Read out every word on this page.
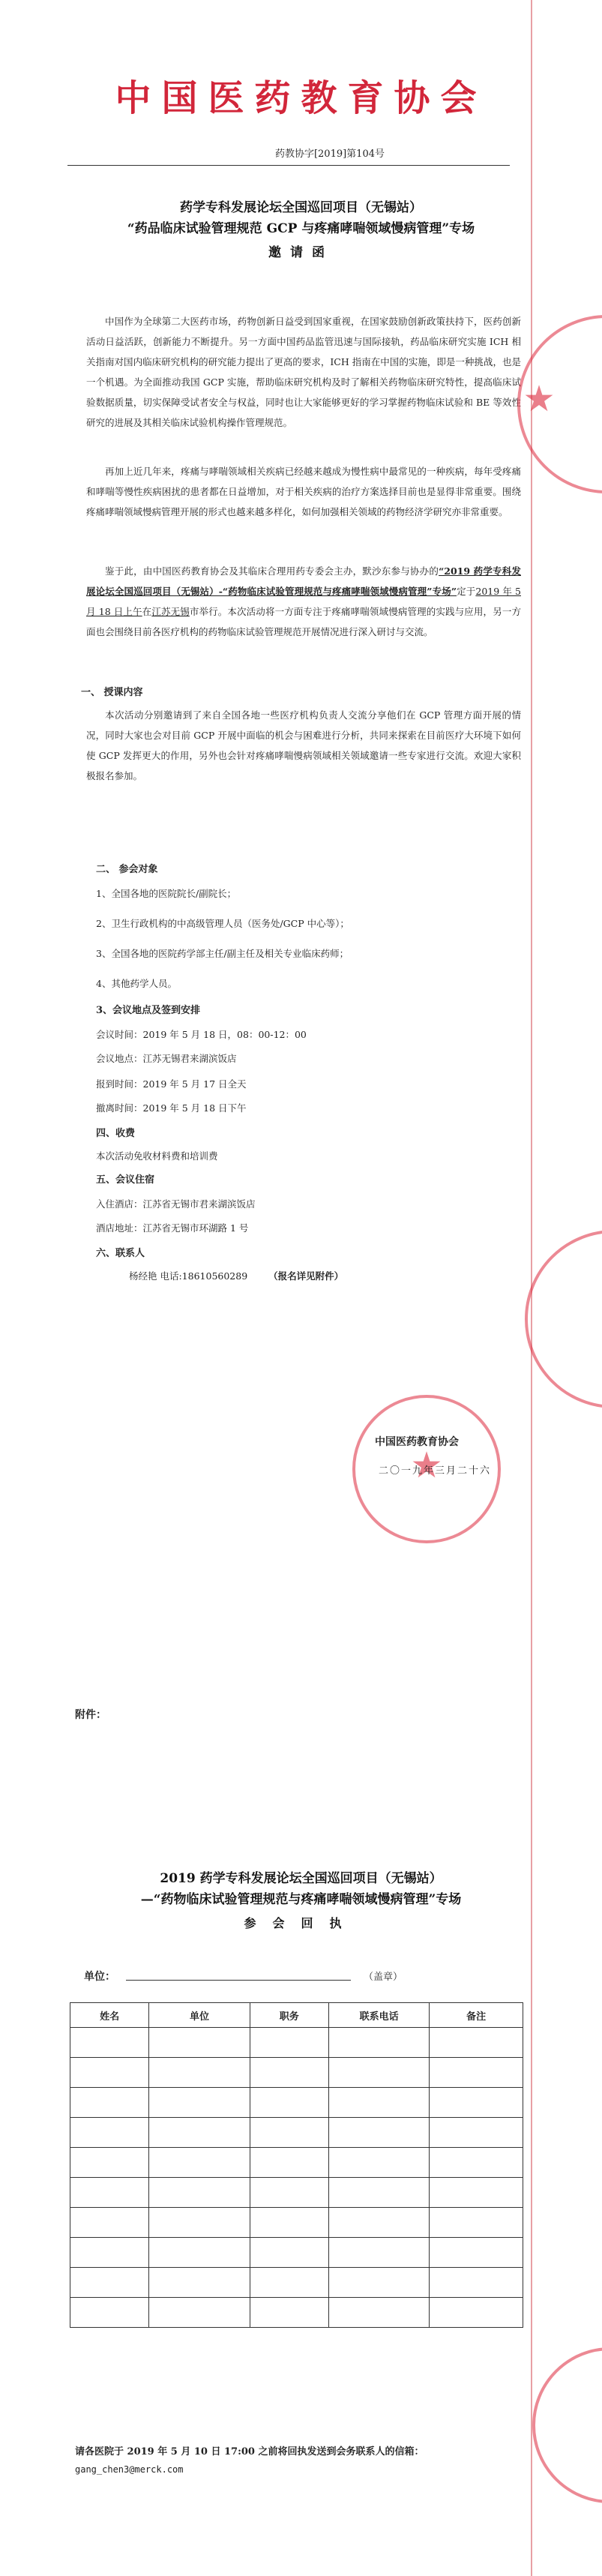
中国医药教育协会
药教协字[2019]第104号
药学专科发展论坛全国巡回项目（无锡站）
“药品临床试验管理规范 GCP 与疼痛哮喘领域慢病管理”专场
邀请函
中国作为全球第二大医药市场，药物创新日益受到国家重视，在国家鼓励创新政策扶持下，医药创新活动日益活跃，创新能力不断提升。另一方面中国药品监管迅速与国际接轨，药品临床研究实施 ICH 相关指南对国内临床研究机构的研究能力提出了更高的要求，ICH 指南在中国的实施，即是一种挑战，也是一个机遇。为全面推动我国 GCP 实施，帮助临床研究机构及时了解相关药物临床研究特性，提高临床试验数据质量，切实保障受试者安全与权益，同时也让大家能够更好的学习掌握药物临床试验和 BE 等效性研究的进展及其相关临床试验机构操作管理规范。
再加上近几年来，疼痛与哮喘领域相关疾病已经越来越成为慢性病中最常见的一种疾病，每年受疼痛和哮喘等慢性疾病困扰的患者都在日益增加，对于相关疾病的治疗方案选择目前也是显得非常重要。围绕疼痛哮喘领域慢病管理开展的形式也越来越多样化，如何加强相关领域的药物经济学研究亦非常重要。
鉴于此，由中国医药教育协会及其临床合理用药专委会主办，默沙东参与协办的“2019 药学专科发展论坛全国巡回项目（无锡站）-“药物临床试验管理规范与疼痛哮喘领域慢病管理”专场”定于2019 年 5 月 18 日上午在江苏无锡市举行。本次活动将一方面专注于疼痛哮喘领域慢病管理的实践与应用，另一方面也会围绕目前各医疗机构的药物临床试验管理规范开展情况进行深入研讨与交流。
一、 授课内容
本次活动分别邀请到了来自全国各地一些医疗机构负责人交流分享他们在 GCP 管理方面开展的情况，同时大家也会对目前 GCP 开展中面临的机会与困难进行分析，共同来探索在目前医疗大环境下如何使 GCP 发挥更大的作用，另外也会针对疼痛哮喘慢病领域相关领域邀请一些专家进行交流。欢迎大家积极报名参加。
二、 参会对象
1、全国各地的医院院长/副院长；
2、卫生行政机构的中高级管理人员（医务处/GCP 中心等）；
3、全国各地的医院药学部主任/副主任及相关专业临床药师；
4、其他药学人员。
3、会议地点及签到安排
会议时间：2019 年 5 月 18 日，08：00-12：00
会议地点：江苏无锡君来湖滨饭店
报到时间：2019 年 5 月 17 日全天
撤离时间：2019 年 5 月 18 日下午
四、收费
本次活动免收材料费和培训费
五、会议住宿
入住酒店：江苏省无锡市君来湖滨饭店
酒店地址：江苏省无锡市环湖路 1 号
六、联系人
杨经艳 电话:18610560289 （报名详见附件）
★
中国医药教育协会
二〇一九年三月二十六
★
附件：
2019 药学专科发展论坛全国巡回项目（无锡站）
—“药物临床试验管理规范与疼痛哮喘领域慢病管理”专场
参会回执
单位：	（盖章）
姓名	单位	职务	联系电话	备注

请各医院于 2019 年 5 月 10 日 17:00 之前将回执发送到会务联系人的信箱：
gang_chen3@merck.com
